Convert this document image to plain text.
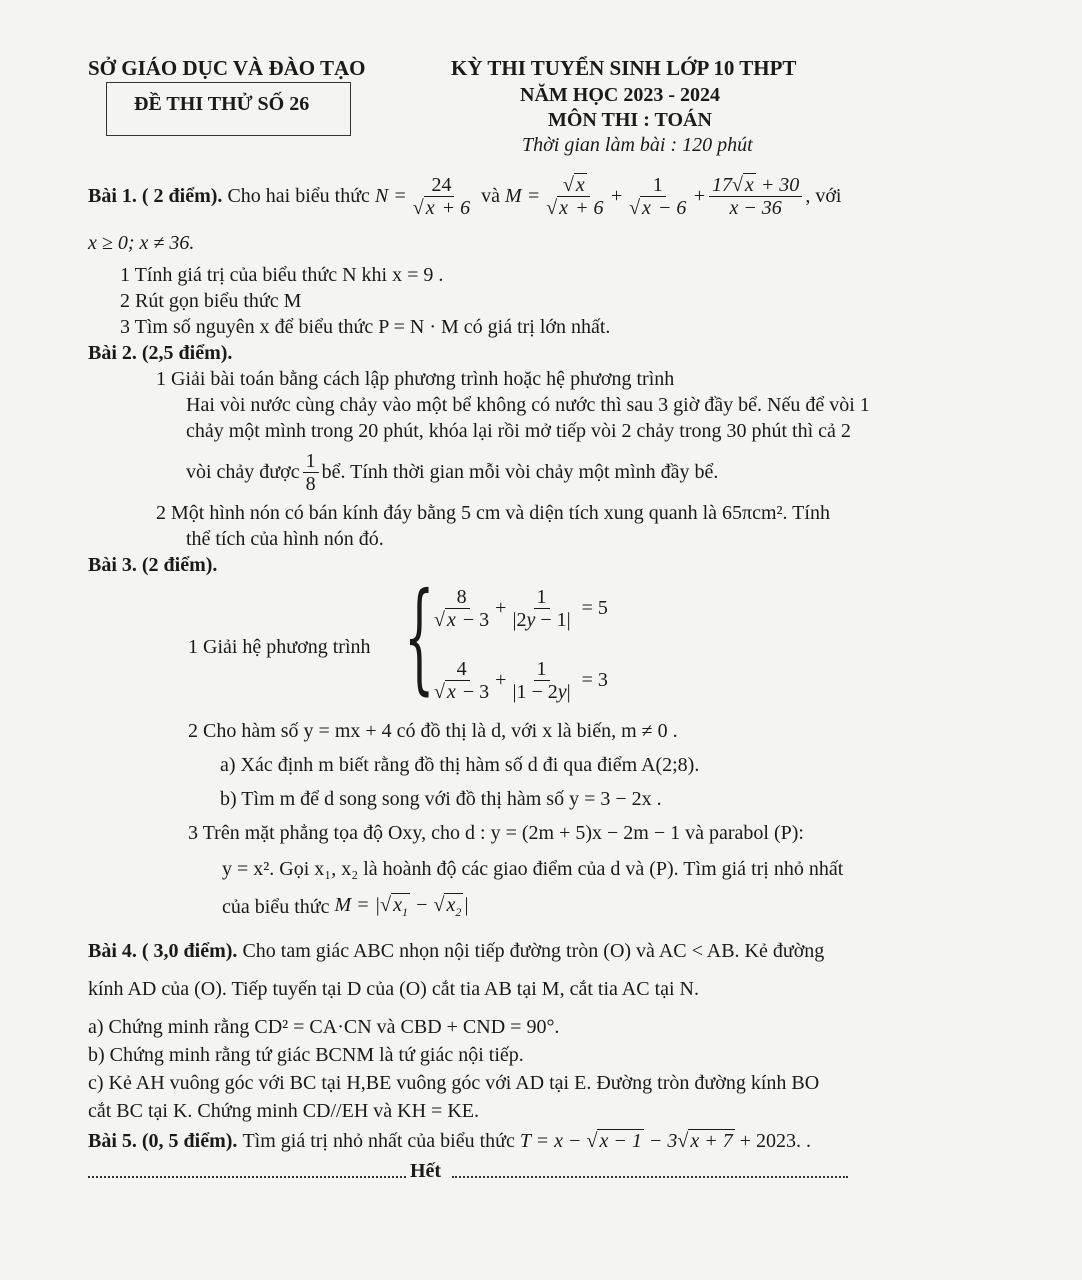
SỞ GIÁO DỤC VÀ ĐÀO TẠO
ĐỀ THI THỬ SỐ 26
KỲ THI TUYỂN SINH LỚP 10 THPT
NĂM HỌC 2023 - 2024
MÔN THI : TOÁN
Thời gian làm bài : 120 phút
Bài 1. ( 2 điểm).
Cho hai biểu thức
$N = \frac{24}{√ x + 6}$
và
$M = \frac{√ x}{√ x + 6} + \frac{1}{√ x - 6} + \frac{17√ x + 30}{x - 36}$ , với
x ≥ 0; x ≠ 36.
1 Tính giá trị của biểu thức N khi x = 9 .
2 Rút gọn biểu thức M
3 Tìm số nguyên x để biểu thức P = N · M có giá trị lớn nhất.
Bài 2. (2,5 điểm).
1 Giải bài toán bằng cách lập phương trình hoặc hệ phương trình
Hai vòi nước cùng chảy vào một bể không có nước thì sau 3 giờ đầy bể. Nếu để vòi 1
chảy một mình trong 20 phút, khóa lại rồi mở tiếp vòi 2 chảy trong 30 phút thì cả 2
vòi chảy được $\frac{1}{8}$ bể. Tính thời gian mỗi vòi chảy một mình đầy bể.
2 Một hình nón có bán kính đáy bằng 5 cm và diện tích xung quanh là 65πcm². Tính
thể tích của hình nón đó.
Bài 3. (2 điểm).
1 Giải hệ phương trình {
$\frac{8}{√ x - 3} + \frac{1}{|2y - 1|} = 5$
$\frac{4}{√ x - 3} + \frac{1}{|1 - 2y|} = 3$
2 Cho hàm số y = mx + 4 có đồ thị là d, với x là biến, m ≠ 0 .
a) Xác định m biết rằng đồ thị hàm số d đi qua điểm A(2;8).
b) Tìm m để d song song với đồ thị hàm số y = 3 − 2x .
3 Trên mặt phẳng tọa độ Oxy, cho d : y = (2m + 5)x − 2m − 1 và parabol (P):
y = x². Gọi x₁, x₂ là hoành độ các giao điểm của d và (P). Tìm giá trị nhỏ nhất
của biểu thức
M = |√ $x_1$ − √ $x_2$ |
Bài 4. ( 3,0 điểm). Cho tam giác ABC nhọn nội tiếp đường tròn (O) và AC < AB. Kẻ đường
kính AD của (O). Tiếp tuyến tại D của (O) cắt tia AB tại M, cắt tia AC tại N.
a) Chứng minh rằng CD² = CA·CN và CBD + CND = 90°.
b) Chứng minh rằng tứ giác BCNM là tứ giác nội tiếp.
c) Kẻ AH vuông góc với BC tại H,BE vuông góc với AD tại E. Đường tròn đường kính BO
cắt BC tại K. Chứng minh CD//EH và KH = KE.
Bài 5. (0, 5 điểm).
Tìm giá trị nhỏ nhất của biểu thức
T = x − √ x − 1 − 3√ x + 7
+ 2023. .
Hết
